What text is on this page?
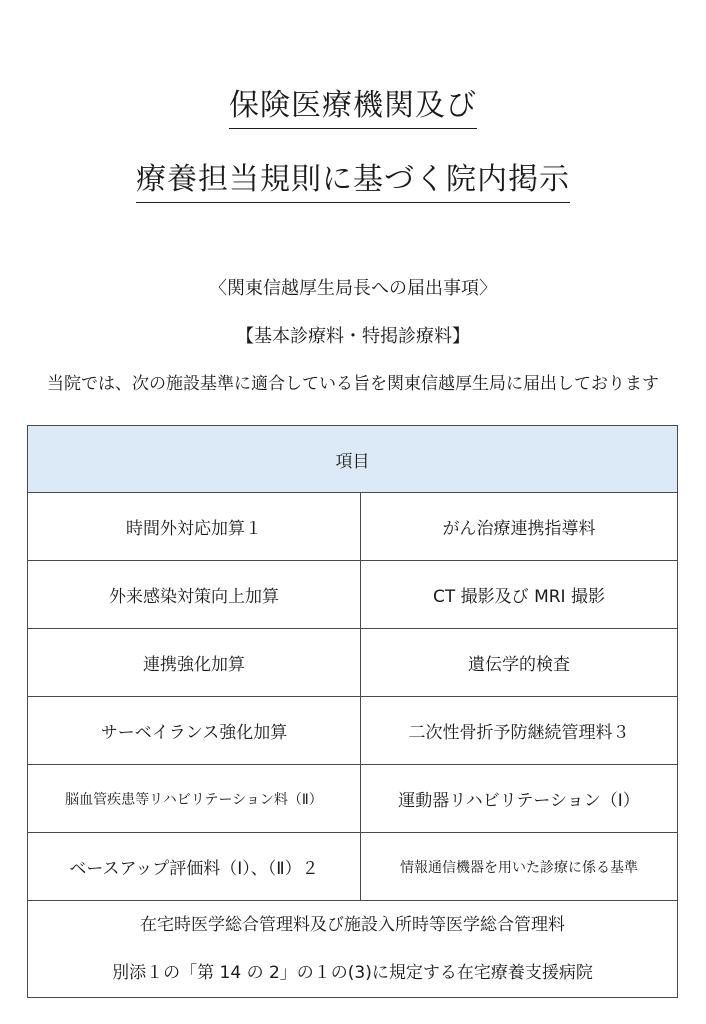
保険医療機関及び
療養担当規則に基づく院内掲示
〈関東信越厚生局長への届出事項〉
【基本診療料・特掲診療料】
当院では、次の施設基準に適合している旨を関東信越厚生局に届出しております
項目	
時間外対応加算１	がん治療連携指導料
外来感染対策向上加算	CT 撮影及び MRI 撮影
連携強化加算	遺伝学的検査
サーベイランス強化加算	二次性骨折予防継続管理料３
脳血管疾患等リハビリテーション料（Ⅱ）	運動器リハビリテーション（Ⅰ）
ベースアップ評価料（Ⅰ）、（Ⅱ）２	情報通信機器を用いた診療に係る基準

在宅時医学総合管理料及び施設入所時等医学総合管理料
別添１の「第 14 の 2」の１の(3)に規定する在宅療養支援病院	
